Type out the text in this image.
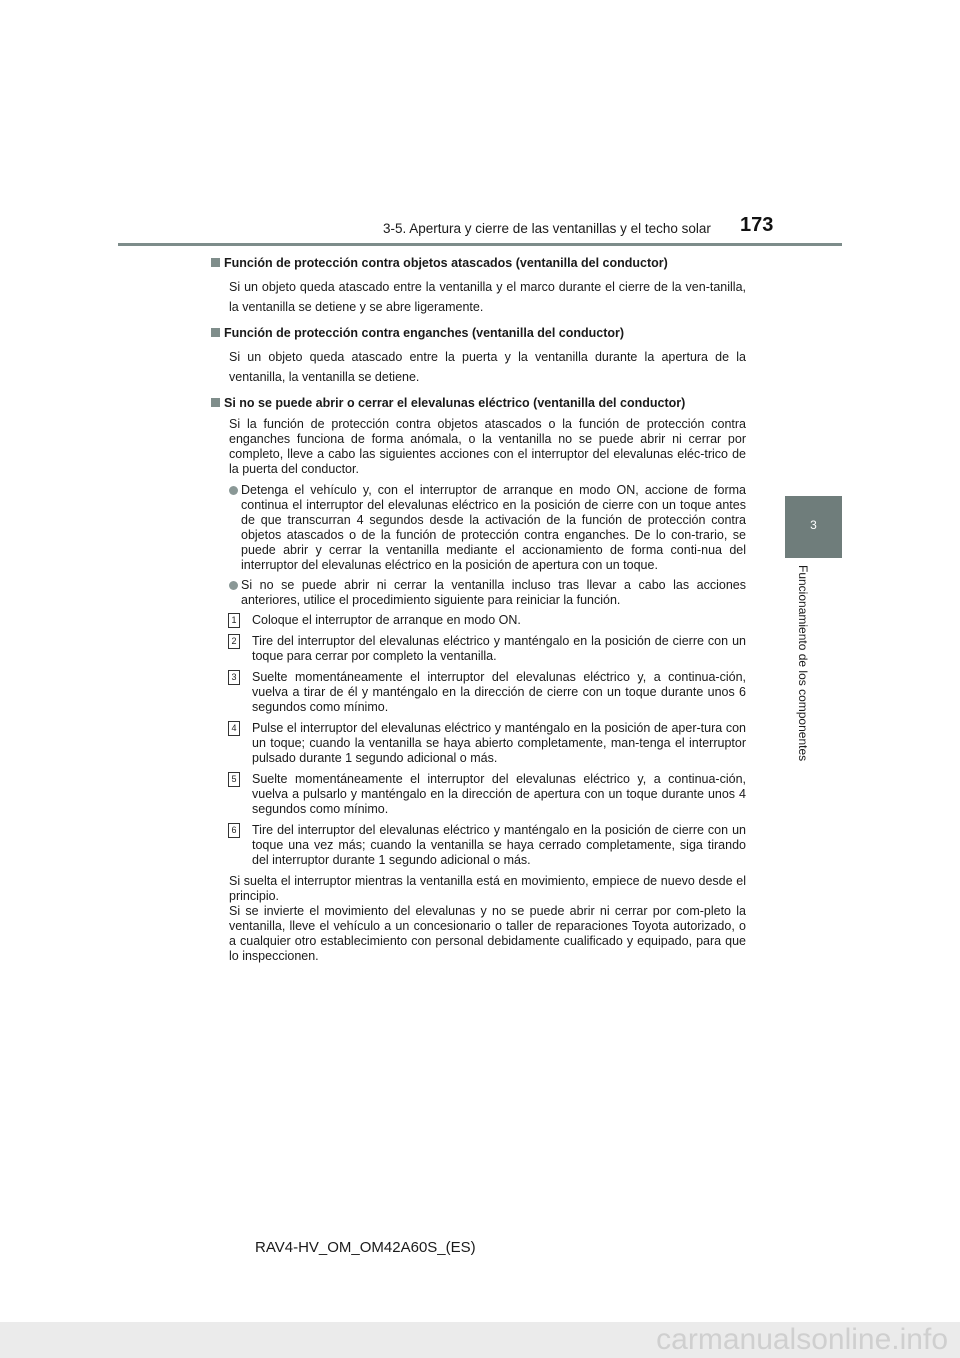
3-5. Apertura y cierre de las ventanillas y el techo solar 173
3
Funcionamiento de los componentes
Función de protección contra objetos atascados (ventanilla del conductor)
Si un objeto queda atascado entre la ventanilla y el marco durante el cierre de la ven-tanilla, la ventanilla se detiene y se abre ligeramente.
Función de protección contra enganches (ventanilla del conductor)
Si un objeto queda atascado entre la puerta y la ventanilla durante la apertura de la ventanilla, la ventanilla se detiene.
Si no se puede abrir o cerrar el elevalunas eléctrico (ventanilla del conductor)
Si la función de protección contra objetos atascados o la función de protección contra enganches funciona de forma anómala, o la ventanilla no se puede abrir ni cerrar por completo, lleve a cabo las siguientes acciones con el interruptor del elevalunas eléc-trico de la puerta del conductor.
Detenga el vehículo y, con el interruptor de arranque en modo ON, accione de forma continua el interruptor del elevalunas eléctrico en la posición de cierre con un toque antes de que transcurran 4 segundos desde la activación de la función de protección contra objetos atascados o de la función de protección contra enganches. De lo con-trario, se puede abrir y cerrar la ventanilla mediante el accionamiento de forma conti-nua del interruptor del elevalunas eléctrico en la posición de apertura con un toque.
Si no se puede abrir ni cerrar la ventanilla incluso tras llevar a cabo las acciones anteriores, utilice el procedimiento siguiente para reiniciar la función.
1 Coloque el interruptor de arranque en modo ON.
2 Tire del interruptor del elevalunas eléctrico y manténgalo en la posición de cierre con un toque para cerrar por completo la ventanilla.
3 Suelte momentáneamente el interruptor del elevalunas eléctrico y, a continua-ción, vuelva a tirar de él y manténgalo en la dirección de cierre con un toque durante unos 6 segundos como mínimo.
4 Pulse el interruptor del elevalunas eléctrico y manténgalo en la posición de aper-tura con un toque; cuando la ventanilla se haya abierto completamente, man-tenga el interruptor pulsado durante 1 segundo adicional o más.
5 Suelte momentáneamente el interruptor del elevalunas eléctrico y, a continua-ción, vuelva a pulsarlo y manténgalo en la dirección de apertura con un toque durante unos 4 segundos como mínimo.
6 Tire del interruptor del elevalunas eléctrico y manténgalo en la posición de cierre con un toque una vez más; cuando la ventanilla se haya cerrado completamente, siga tirando del interruptor durante 1 segundo adicional o más.
Si suelta el interruptor mientras la ventanilla está en movimiento, empiece de nuevo desde el principio.
Si se invierte el movimiento del elevalunas y no se puede abrir ni cerrar por com-pleto la ventanilla, lleve el vehículo a un concesionario o taller de reparaciones Toyota autorizado, o a cualquier otro establecimiento con personal debidamente cualificado y equipado, para que lo inspeccionen.
RAV4-HV_OM_OM42A60S_(ES)
carmanualsonline.info
